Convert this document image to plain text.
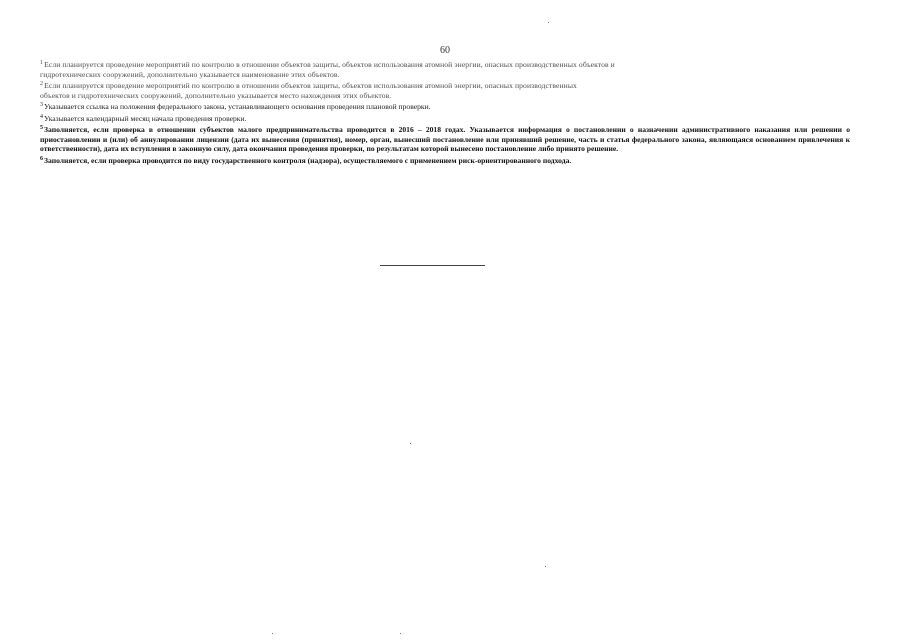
60

$^1$Если планируется проведение мероприятий по контролю в отношении объектов защиты, объектов использования атомной энергии, опасных производственных объектов и
гидротехнических сооружений, дополнительно указывается наименование этих объектов.

$^2$Если планируется проведение мероприятий по контролю в отношении объектов защиты, объектов использования атомной энергии, опасных производственных
объектов и гидротехнических сооружений, дополнительно указывается место нахождения этих объектов.

$^3$Указывается ссылка на положения федерального закона, устанавливающего основания проведения плановой проверки.

$^4$Указывается календарный месяц начала проведения проверки.

$^5$Заполняется, если проверка в отношении субъектов малого предпринимательства проводится в 2016 – 2018 годах. Указывается информация о постановлении о назначении административного наказания или решении о приостановлении и (или) об аннулировании лицензии (дата их вынесения (принятия), номер, орган, вынесший постановление или принявший решение, часть и статья федерального закона, являющаяся основанием привлечения к ответственности), дата их вступления в законную силу, дата окончания проведения проверки, по результатам которой вынесено постановление либо принято решение.

$^6$Заполняется, если проверка проводится по виду государственного контроля (надзора), осуществляемого с применением риск-ориентированного подхода.
